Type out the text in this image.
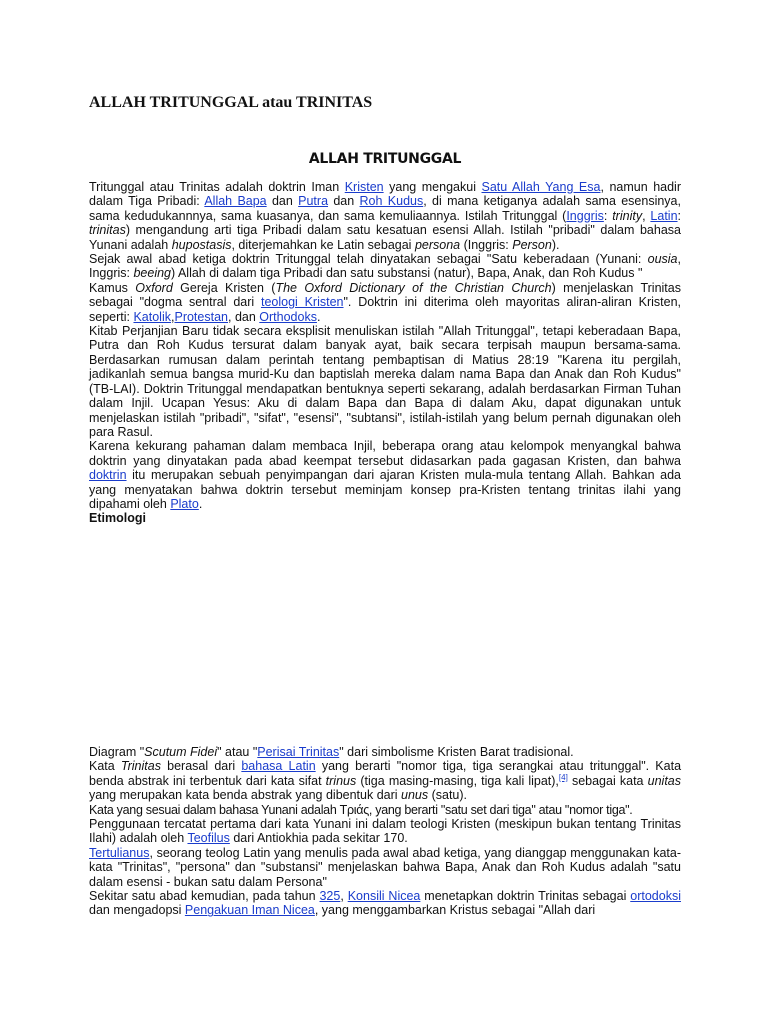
ALLAH TRITUNGGAL atau TRINITAS
ALLAH TRITUNGGAL

Tritunggal atau Trinitas adalah doktrin Iman Kristen yang mengakui Satu Allah Yang Esa, namun hadir dalam Tiga Pribadi: Allah Bapa dan Putra dan Roh Kudus, di mana ketiganya adalah sama esensinya, sama kedudukannnya, sama kuasanya, dan sama kemuliaannya. Istilah Tritunggal (Inggris: trinity, Latin: trinitas) mengandung arti tiga Pribadi dalam satu kesatuan esensi Allah. Istilah "pribadi" dalam bahasa Yunani adalah hupostasis, diterjemahkan ke Latin sebagai persona (Inggris: Person).

Sejak awal abad ketiga doktrin Tritunggal telah dinyatakan sebagai "Satu keberadaan (Yunani: ousia, Inggris: beeing) Allah di dalam tiga Pribadi dan satu substansi (natur), Bapa, Anak, dan Roh Kudus "

Kamus Oxford Gereja Kristen (The Oxford Dictionary of the Christian Church) menjelaskan Trinitas sebagai "dogma sentral dari teologi Kristen". Doktrin ini diterima oleh mayoritas aliran-aliran Kristen, seperti: Katolik,Protestan, dan Orthodoks.

Kitab Perjanjian Baru tidak secara eksplisit menuliskan istilah "Allah Tritunggal", tetapi keberadaan Bapa, Putra dan Roh Kudus tersurat dalam banyak ayat, baik secara terpisah maupun bersama-sama. Berdasarkan rumusan dalam perintah tentang pembaptisan di Matius 28:19 "Karena itu pergilah, jadikanlah semua bangsa murid-Ku dan baptislah mereka dalam nama Bapa dan Anak dan Roh Kudus" (TB-LAI). Doktrin Tritunggal mendapatkan bentuknya seperti sekarang, adalah berdasarkan Firman Tuhan dalam Injil. Ucapan Yesus: Aku di dalam Bapa dan Bapa di dalam Aku, dapat digunakan untuk menjelaskan istilah "pribadi", "sifat", "esensi", "subtansi", istilah-istilah yang belum pernah digunakan oleh para Rasul.

Karena kekurang pahaman dalam membaca Injil, beberapa orang atau kelompok menyangkal bahwa doktrin yang dinyatakan pada abad keempat tersebut didasarkan pada gagasan Kristen, dan bahwa doktrin itu merupakan sebuah penyimpangan dari ajaran Kristen mula-mula tentang Allah. Bahkan ada yang menyatakan bahwa doktrin tersebut meminjam konsep pra-Kristen tentang trinitas ilahi yang dipahami oleh Plato.

Etimologi

Diagram "Scutum Fidei" atau "Perisai Trinitas" dari simbolisme Kristen Barat tradisional.

Kata Trinitas berasal dari bahasa Latin yang berarti "nomor tiga, tiga serangkai atau tritunggal". Kata benda abstrak ini terbentuk dari kata sifat trinus (tiga masing-masing, tiga kali lipat),[4] sebagai kata unitas yang merupakan kata benda abstrak yang dibentuk dari unus (satu).

Kata yang sesuai dalam bahasa Yunani adalah Τριάς, yang berarti "satu set dari tiga" atau "nomor tiga".

Penggunaan tercatat pertama dari kata Yunani ini dalam teologi Kristen (meskipun bukan tentang Trinitas Ilahi) adalah oleh Teofilus dari Antiokhia pada sekitar 170.

Tertulianus, seorang teolog Latin yang menulis pada awal abad ketiga, yang dianggap menggunakan kata-kata "Trinitas", "persona" dan "substansi" menjelaskan bahwa Bapa, Anak dan Roh Kudus adalah "satu dalam esensi - bukan satu dalam Persona"

Sekitar satu abad kemudian, pada tahun 325, Konsili Nicea menetapkan doktrin Trinitas sebagai ortodoksi dan mengadopsi Pengakuan Iman Nicea, yang menggambarkan Kristus sebagai "Allah dari
